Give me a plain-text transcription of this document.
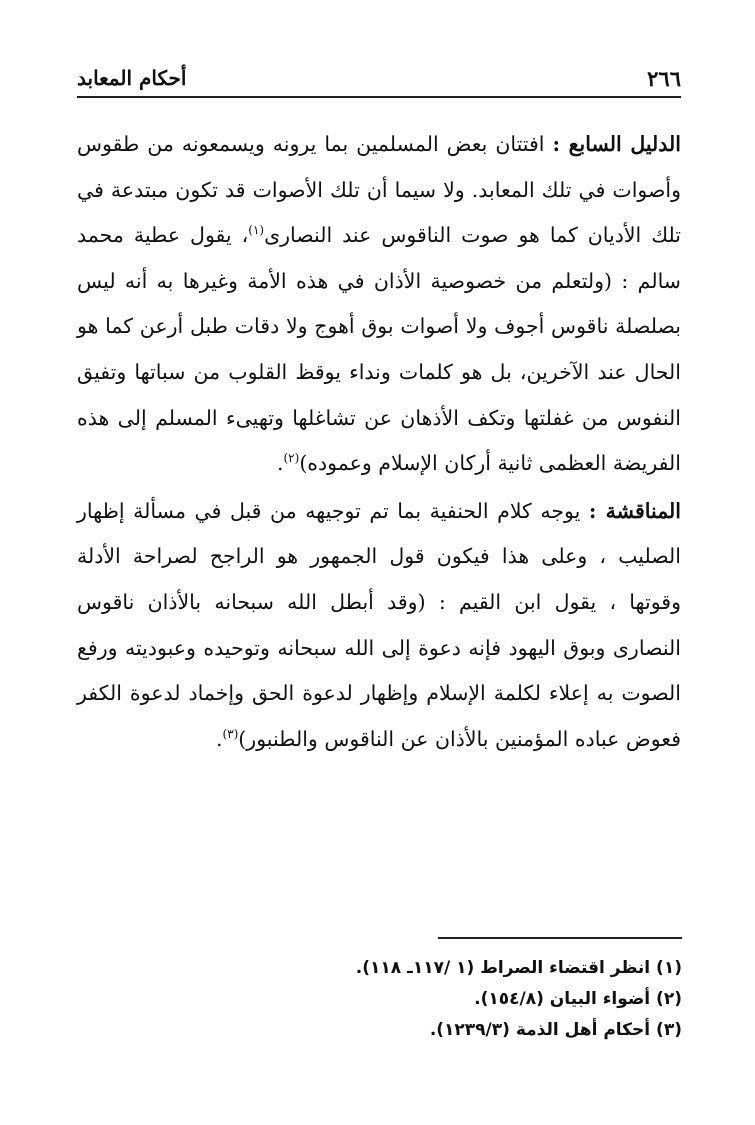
٢٦٦
أحكام المعابد

الدليل السابع : افتتان بعض المسلمين بما يرونه ويسمعونه من طقوس وأصوات في تلك المعابد. ولا سيما أن تلك الأصوات قد تكون مبتدعة في تلك الأديان كما هو صوت الناقوس عند النصارى$^{(١)}$، يقول عطية محمد سالم : (ولتعلم من خصوصية الأذان في هذه الأمة وغيرها به أنه ليس بصلصلة ناقوس أجوف ولا أصوات بوق أهوج ولا دقات طبل أرعن كما هو الحال عند الآخرين، بل هو كلمات ونداء يوقظ القلوب من سباتها وتفيق النفوس من غفلتها وتكف الأذهان عن تشاغلها وتهيىء المسلم إلى هذه الفريضة العظمى ثانية أركان الإسلام وعموده)$^{(٢)}$.

المناقشة : يوجه كلام الحنفية بما تم توجيهه من قبل في مسألة إظهار الصليب ، وعلى هذا فيكون قول الجمهور هو الراجح لصراحة الأدلة وقوتها ، يقول ابن القيم : (وقد أبطل الله سبحانه بالأذان ناقوس النصارى وبوق اليهود فإنه دعوة إلى الله سبحانه وتوحيده وعبوديته ورفع الصوت به إعلاء لكلمة الإسلام وإظهار لدعوة الحق وإخماد لدعوة الكفر فعوض عباده المؤمنين بالأذان عن الناقوس والطنبور)$^{(٣)}$.

(١) انظر اقتضاء الصراط (١ /١١٧ـ ١١٨).

(٢) أضواء البيان (١٥٤/٨).

(٣) أحكام أهل الذمة (١٢٣٩/٣).
